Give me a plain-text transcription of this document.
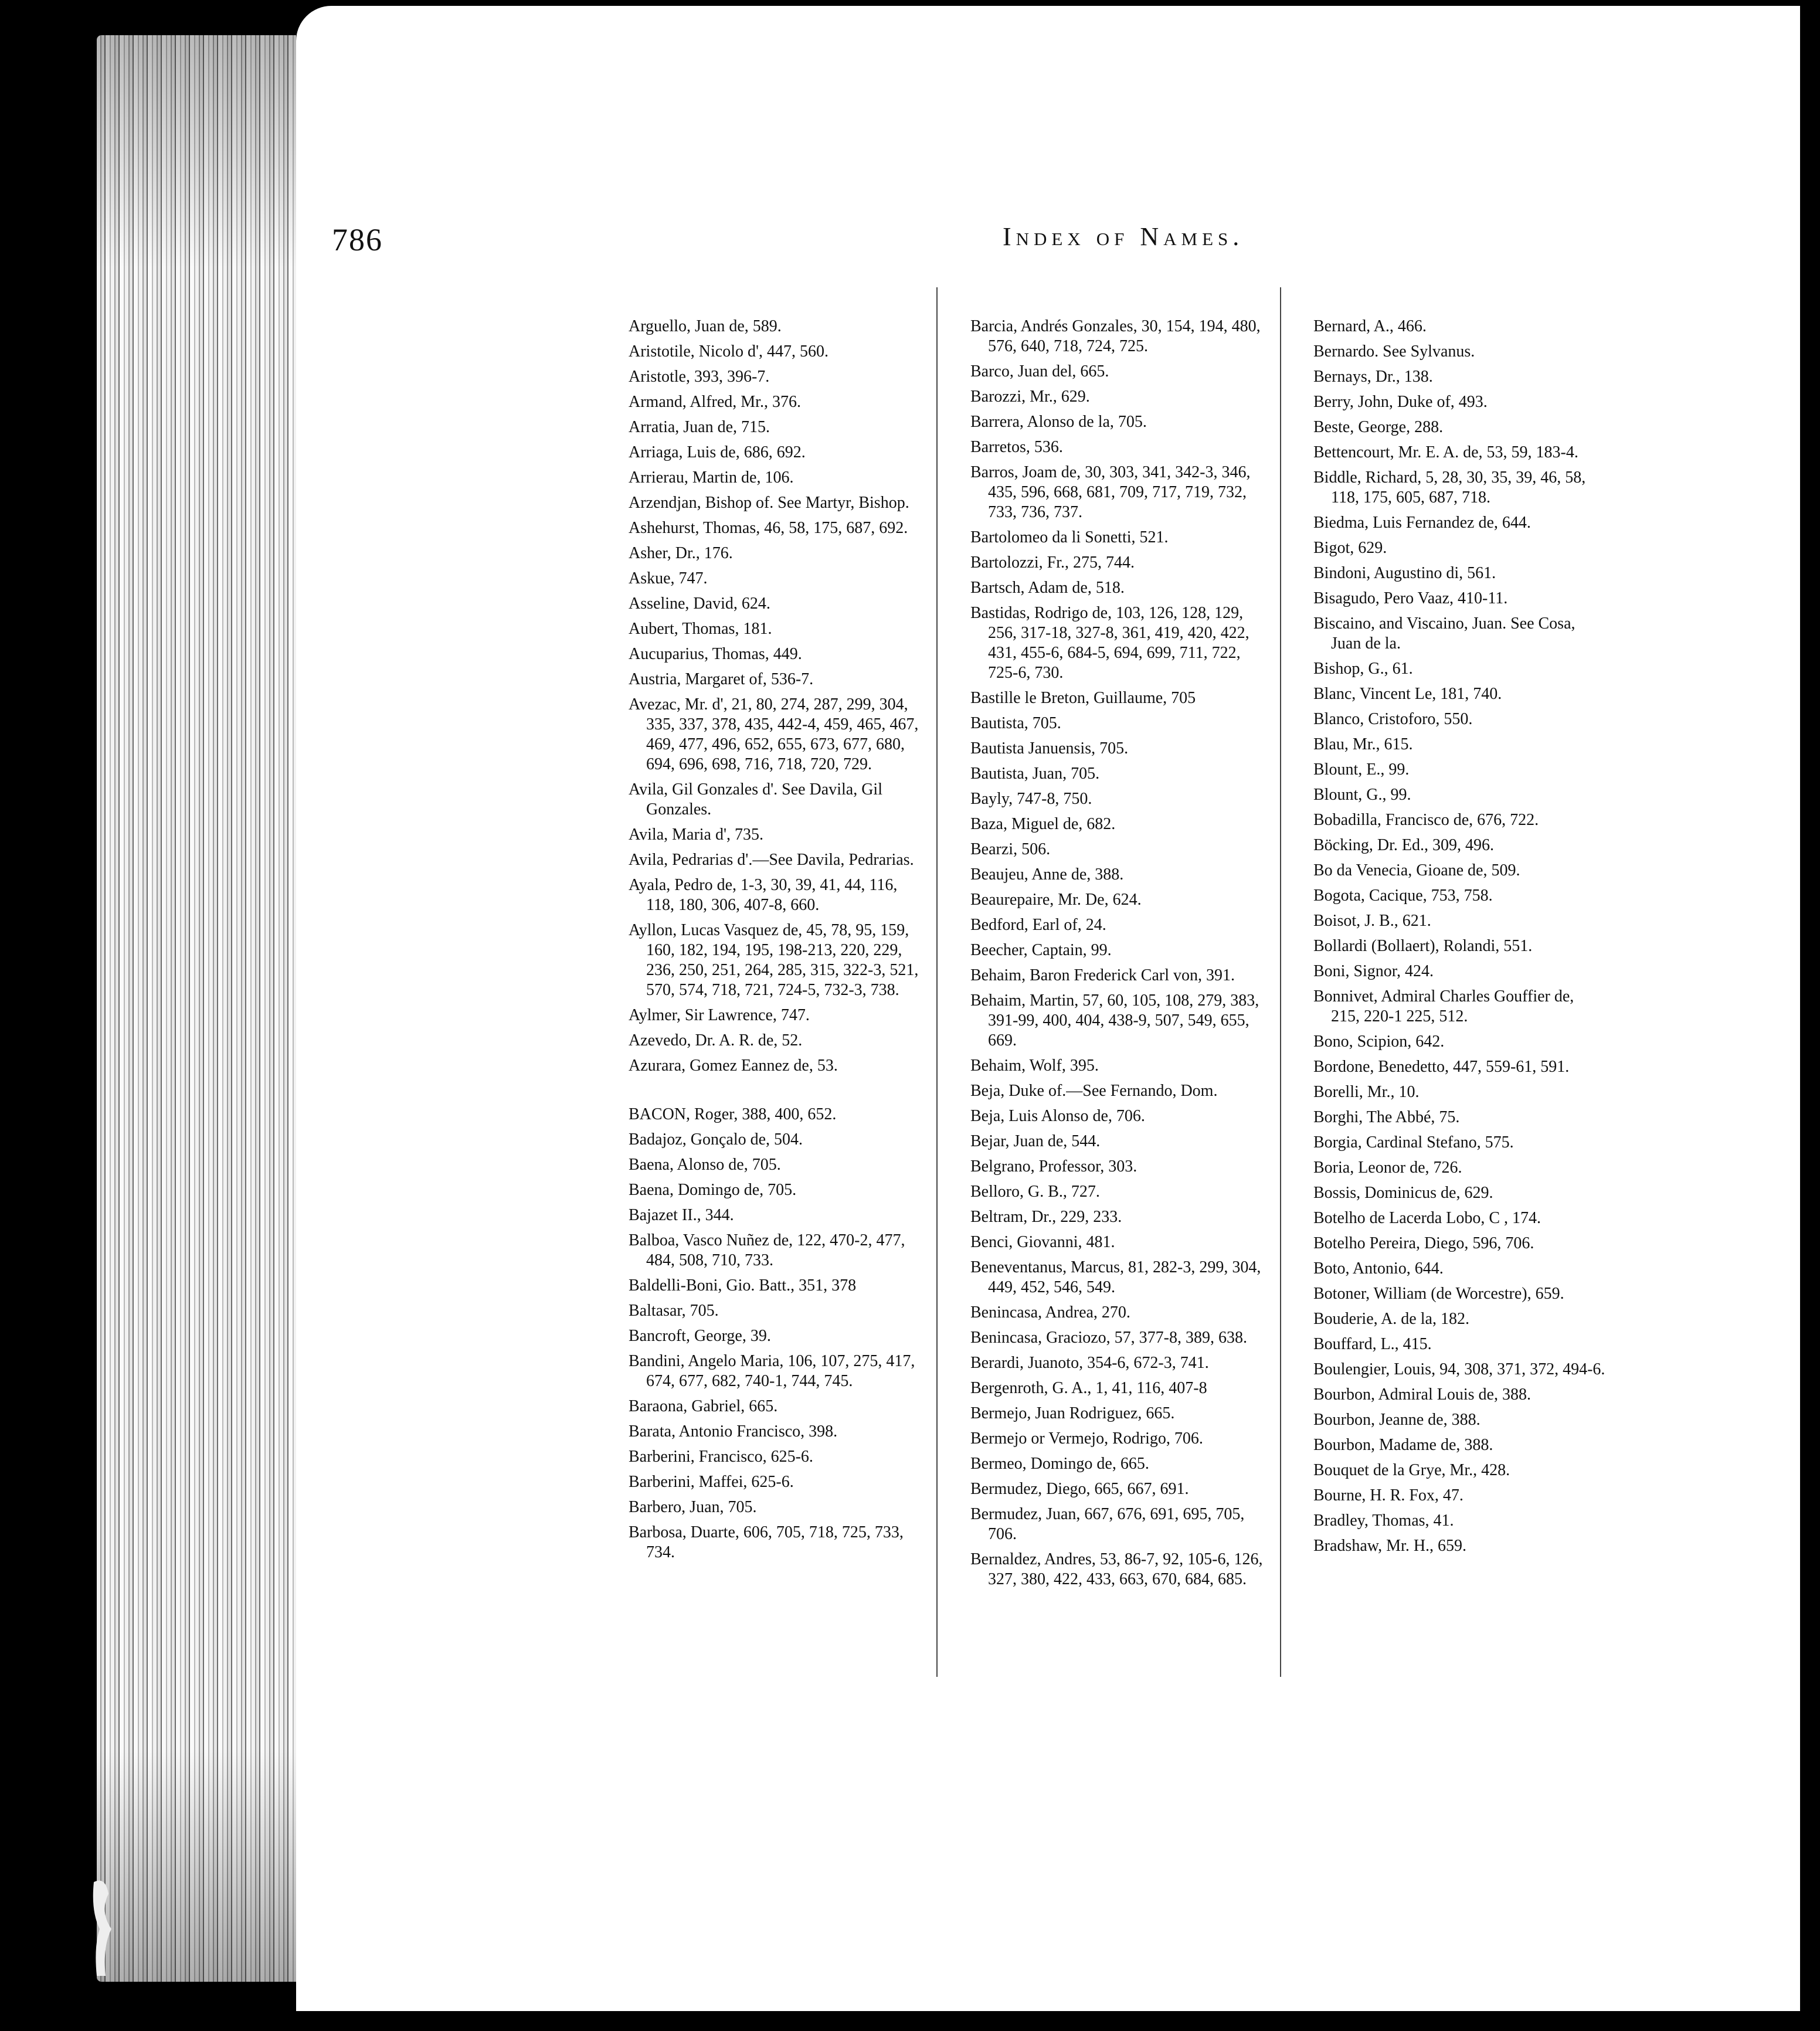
786	Index of Names.
Arguello, Juan de, 589.
Aristotile, Nicolo d', 447, 560.
Aristotle, 393, 396-7.
Armand, Alfred, Mr., 376.
Arratia, Juan de, 715.
Arriaga, Luis de, 686, 692.
Arrierau, Martin de, 106.
Arzendjan, Bishop of. See Martyr, Bishop.
Ashehurst, Thomas, 46, 58, 175, 687, 692.
Asher, Dr., 176.
Askue, 747.
Asseline, David, 624.
Aubert, Thomas, 181.
Aucuparius, Thomas, 449.
Austria, Margaret of, 536-7.
Avezac, Mr. d', 21, 80, 274, 287, 299, 304, 335, 337, 378, 435, 442-4, 459, 465, 467, 469, 477, 496, 652, 655, 673, 677, 680, 694, 696, 698, 716, 718, 720, 729.
Avila, Gil Gonzales d'. See Davila, Gil Gonzales.
Avila, Maria d', 735.
Avila, Pedrarias d'.—See Davila, Pedrarias.
Ayala, Pedro de, 1-3, 30, 39, 41, 44, 116, 118, 180, 306, 407-8, 660.
Ayllon, Lucas Vasquez de, 45, 78, 95, 159, 160, 182, 194, 195, 198-213, 220, 229, 236, 250, 251, 264, 285, 315, 322-3, 521, 570, 574, 718, 721, 724-5, 732-3, 738.
Aylmer, Sir Lawrence, 747.
Azevedo, Dr. A. R. de, 52.
Azurara, Gomez Eannez de, 53.
BACON, Roger, 388, 400, 652.
Badajoz, Gonçalo de, 504.
Baena, Alonso de, 705.
Baena, Domingo de, 705.
Bajazet II., 344.
Balboa, Vasco Nuñez de, 122, 470-2, 477, 484, 508, 710, 733.
Baldelli-Boni, Gio. Batt., 351, 378
Baltasar, 705.
Bancroft, George, 39.
Bandini, Angelo Maria, 106, 107, 275, 417, 674, 677, 682, 740-1, 744, 745.
Baraona, Gabriel, 665.
Barata, Antonio Francisco, 398.
Barberini, Francisco, 625-6.
Barberini, Maffei, 625-6.
Barbero, Juan, 705.
Barbosa, Duarte, 606, 705, 718, 725, 733, 734.
Barcia, Andrés Gonzales, 30, 154, 194, 480, 576, 640, 718, 724, 725.
Barco, Juan del, 665.
Barozzi, Mr., 629.
Barrera, Alonso de la, 705.
Barretos, 536.
Barros, Joam de, 30, 303, 341, 342-3, 346, 435, 596, 668, 681, 709, 717, 719, 732, 733, 736, 737.
Bartolomeo da li Sonetti, 521.
Bartolozzi, Fr., 275, 744.
Bartsch, Adam de, 518.
Bastidas, Rodrigo de, 103, 126, 128, 129, 256, 317-18, 327-8, 361, 419, 420, 422, 431, 455-6, 684-5, 694, 699, 711, 722, 725-6, 730.
Bastille le Breton, Guillaume, 705
Bautista, 705.
Bautista Januensis, 705.
Bautista, Juan, 705.
Bayly, 747-8, 750.
Baza, Miguel de, 682.
Bearzi, 506.
Beaujeu, Anne de, 388.
Beaurepaire, Mr. De, 624.
Bedford, Earl of, 24.
Beecher, Captain, 99.
Behaim, Baron Frederick Carl von, 391.
Behaim, Martin, 57, 60, 105, 108, 279, 383, 391-99, 400, 404, 438-9, 507, 549, 655, 669.
Behaim, Wolf, 395.
Beja, Duke of.—See Fernando, Dom.
Beja, Luis Alonso de, 706.
Bejar, Juan de, 544.
Belgrano, Professor, 303.
Belloro, G. B., 727.
Beltram, Dr., 229, 233.
Benci, Giovanni, 481.
Beneventanus, Marcus, 81, 282-3, 299, 304, 449, 452, 546, 549.
Benincasa, Andrea, 270.
Benincasa, Graciozo, 57, 377-8, 389, 638.
Berardi, Juanoto, 354-6, 672-3, 741.
Bergenroth, G. A., 1, 41, 116, 407-8
Bermejo, Juan Rodriguez, 665.
Bermejo or Vermejo, Rodrigo, 706.
Bermeo, Domingo de, 665.
Bermudez, Diego, 665, 667, 691.
Bermudez, Juan, 667, 676, 691, 695, 705, 706.
Bernaldez, Andres, 53, 86-7, 92, 105-6, 126, 327, 380, 422, 433, 663, 670, 684, 685.
Bernard, A., 466.
Bernardo. See Sylvanus.
Bernays, Dr., 138.
Berry, John, Duke of, 493.
Beste, George, 288.
Bettencourt, Mr. E. A. de, 53, 59, 183-4.
Biddle, Richard, 5, 28, 30, 35, 39, 46, 58, 118, 175, 605, 687, 718.
Biedma, Luis Fernandez de, 644.
Bigot, 629.
Bindoni, Augustino di, 561.
Bisagudo, Pero Vaaz, 410-11.
Biscaino, and Viscaino, Juan. See Cosa, Juan de la.
Bishop, G., 61.
Blanc, Vincent Le, 181, 740.
Blanco, Cristoforo, 550.
Blau, Mr., 615.
Blount, E., 99.
Blount, G., 99.
Bobadilla, Francisco de, 676, 722.
Böcking, Dr. Ed., 309, 496.
Bo da Venecia, Gioane de, 509.
Bogota, Cacique, 753, 758.
Boisot, J. B., 621.
Bollardi (Bollaert), Rolandi, 551.
Boni, Signor, 424.
Bonnivet, Admiral Charles Gouffier de, 215, 220-1 225, 512.
Bono, Scipion, 642.
Bordone, Benedetto, 447, 559-61, 591.
Borelli, Mr., 10.
Borghi, The Abbé, 75.
Borgia, Cardinal Stefano, 575.
Boria, Leonor de, 726.
Bossis, Dominicus de, 629.
Botelho de Lacerda Lobo, C , 174.
Botelho Pereira, Diego, 596, 706.
Boto, Antonio, 644.
Botoner, William (de Worcestre), 659.
Bouderie, A. de la, 182.
Bouffard, L., 415.
Boulengier, Louis, 94, 308, 371, 372, 494-6.
Bourbon, Admiral Louis de, 388.
Bourbon, Jeanne de, 388.
Bourbon, Madame de, 388.
Bouquet de la Grye, Mr., 428.
Bourne, H. R. Fox, 47.
Bradley, Thomas, 41.
Bradshaw, Mr. H., 659.
